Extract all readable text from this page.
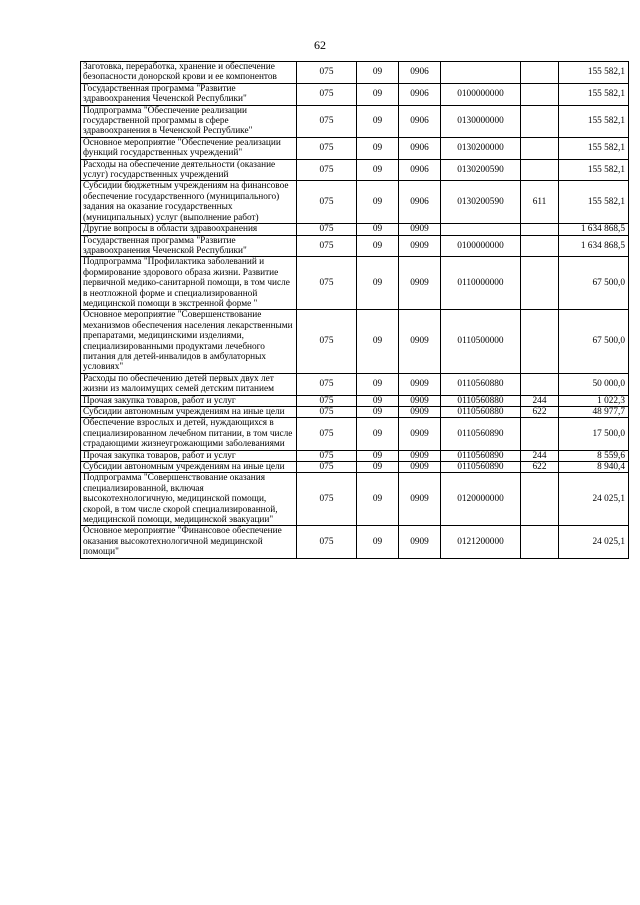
62
Заготовка, переработка, хранение и обеспечение безопасности донорской крови и ее компонентов	075	09	0906			155 582,1
Государственная программа "Развитие здравоохранения Чеченской Республики"	075	09	0906	0100000000		155 582,1
Подпрограмма "Обеспечение реализации государственной программы в сфере здравоохранения в Чеченской Республике"	075	09	0906	0130000000		155 582,1
Основное мероприятие "Обеспечение реализации функций государственных учреждений"	075	09	0906	0130200000		155 582,1
Расходы на обеспечение деятельности (оказание услуг) государственных учреждений	075	09	0906	0130200590		155 582,1
Субсидии бюджетным учреждениям на финансовое обеспечение государственного (муниципального) задания на оказание государственных (муниципальных) услуг (выполнение работ)	075	09	0906	0130200590	611	155 582,1
Другие вопросы в области здравоохранения	075	09	0909			1 634 868,5
Государственная программа "Развитие здравоохранения Чеченской Республики"	075	09	0909	0100000000		1 634 868,5
Подпрограмма "Профилактика заболеваний и формирование здорового образа жизни. Развитие первичной медико-санитарной помощи, в том числе в неотложной форме и специализированной медицинской помощи в экстренной форме "	075	09	0909	0110000000		67 500,0
Основное мероприятие "Совершенствование механизмов обеспечения населения лекарственными препаратами, медицинскими изделиями, специализированными продуктами лечебного питания для детей-инвалидов в амбулаторных условиях"	075	09	0909	0110500000		67 500,0
Расходы по обеспечению детей первых двух лет жизни из малоимущих семей детским питанием	075	09	0909	0110560880		50 000,0
Прочая закупка товаров, работ и услуг	075	09	0909	0110560880	244	1 022,3
Субсидии автономным учреждениям на иные цели	075	09	0909	0110560880	622	48 977,7
Обеспечение взрослых и детей, нуждающихся в специализированном лечебном питании, в том числе страдающими жизнеугрожающими заболеваниями	075	09	0909	0110560890		17 500,0
Прочая закупка товаров, работ и услуг	075	09	0909	0110560890	244	8 559,6
Субсидии автономным учреждениям на иные цели	075	09	0909	0110560890	622	8 940,4
Подпрограмма "Совершенствование оказания специализированной, включая высокотехнологичную, медицинской помощи, скорой, в том числе скорой специализированной, медицинской помощи, медицинской эвакуации"	075	09	0909	0120000000		24 025,1
Основное мероприятие "Финансовое обеспечение оказания высокотехнологичной медицинской помощи"	075	09	0909	0121200000		24 025,1
